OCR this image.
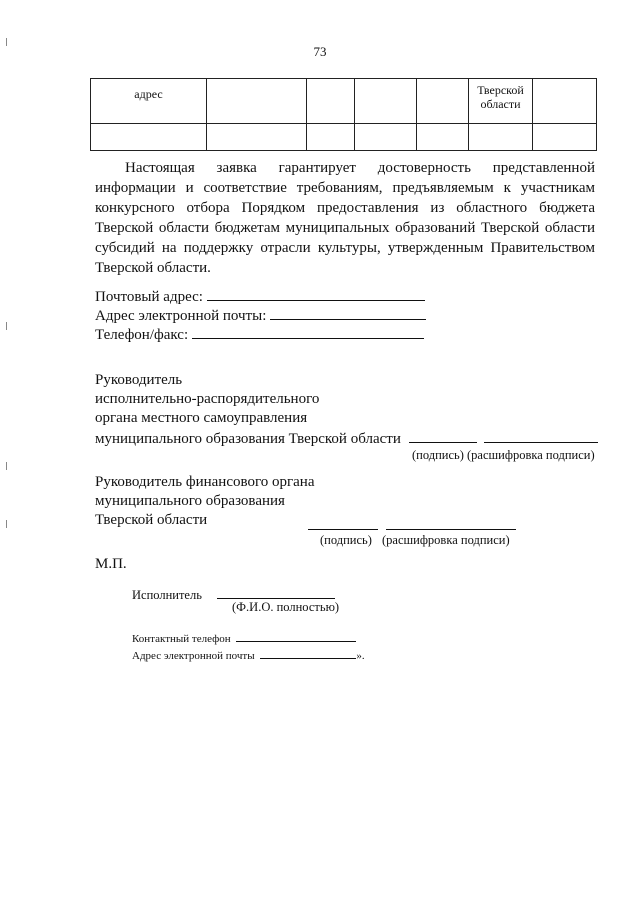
73
адрес					Тверской
области	

Настоящая заявка гарантирует достоверность представленной информации и соответствие требованиям, предъявляемым к участникам конкурсного отбора Порядком предоставления из областного бюджета Тверской области бюджетам муниципальных образований Тверской области субсидий на поддержку отрасли культуры, утвержденным Правительством Тверской области.
Почтовый адрес:
Адрес электронной почты:
Телефон/факс:
Руководитель
исполнительно-распорядительного
органа местного самоуправления
муниципального образования Тверской области
(подпись) (расшифровка подписи)
Руководитель финансового органа
муниципального образования
Тверской области
(подпись) (расшифровка подписи)
М.П.
Исполнитель
(Ф.И.О. полностью)
Контактный телефон
Адрес электронной почты	».
